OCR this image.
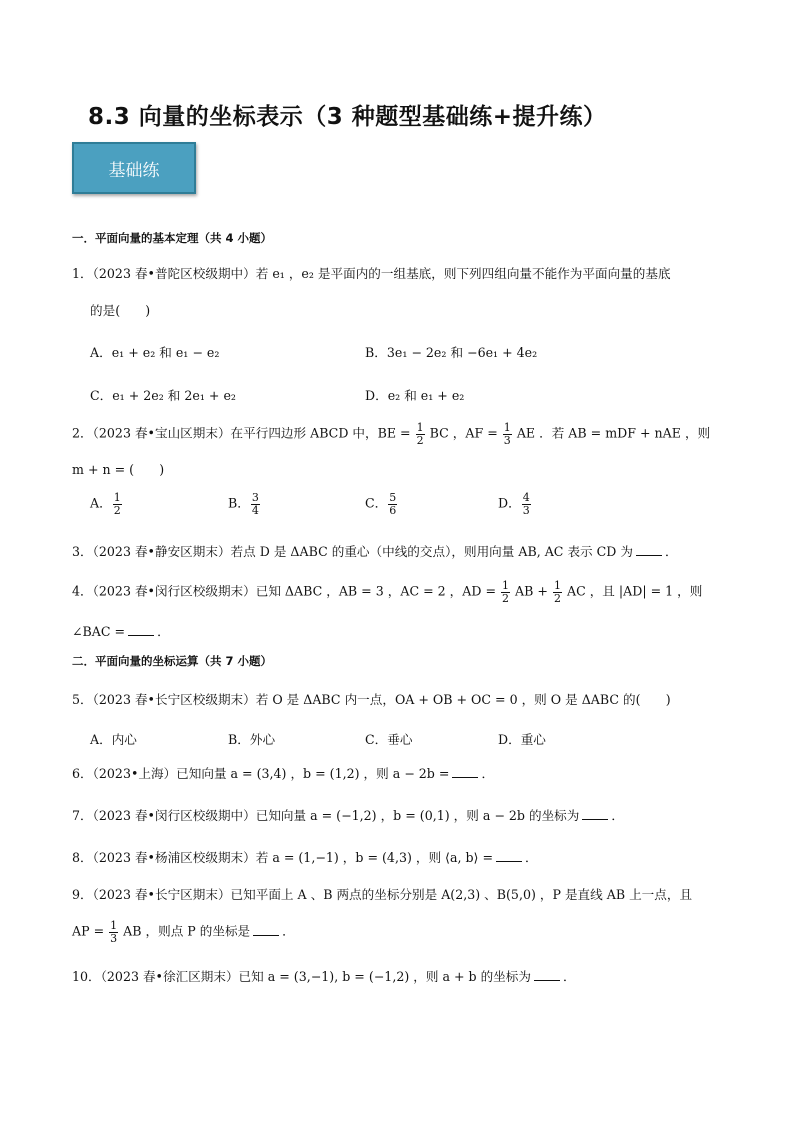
8.3 向量的坐标表示（3 种题型基础练+提升练）
基础练
一．平面向量的基本定理（共 4 小题）
1．（2023 春•普陀区校级期中）若 e₁ ，e₂ 是平面内的一组基底，则下列四组向量不能作为平面向量的基底
的是(　　)
A．e₁ + e₂ 和 e₁ − e₂	B．3e₁ − 2e₂ 和 −6e₁ + 4e₂
C．e₁ + 2e₂ 和 2e₁ + e₂	D．e₂ 和 e₁ + e₂
2．（2023 春•宝山区期末）在平行四边形 ABCD 中，BE = $\frac{1}{2}$ BC ，AF = $\frac{1}{3}$ AE ．若 AB = mDF + nAE ，则
m + n = (　　)
A． $\frac{1}{2}$	B． $\frac{3}{4}$	C． $\frac{5}{6}$	D． $\frac{4}{3}$
3．（2023 春•静安区期末）若点 D 是 ΔABC 的重心（中线的交点），则用向量 AB, AC 表示 CD 为	．
4．（2023 春•闵行区校级期末）已知 ΔABC ，AB = 3 ，AC = 2 ，AD = $\frac{1}{2}$ AB + $\frac{1}{2}$ AC ，且 |AD| = 1 ，则
∠BAC =	．
二．平面向量的坐标运算（共 7 小题）
5．（2023 春•长宁区校级期末）若 O 是 ΔABC 内一点，OA + OB + OC = 0 ，则 O 是 ΔABC 的(　　)
A．内心	B．外心	C．垂心	D．重心
6．（2023•上海）已知向量 a = (3,4) ，b = (1,2) ，则 a − 2b =	．
7．（2023 春•闵行区校级期中）已知向量 a = (−1,2) ，b = (0,1) ，则 a − 2b 的坐标为	．
8．（2023 春•杨浦区校级期末）若 a = (1,−1) ，b = (4,3) ，则 ⟨a, b⟩ =	．
9．（2023 春•长宁区期末）已知平面上 A 、B 两点的坐标分别是 A(2,3) 、B(5,0) ，P 是直线 AB 上一点，且
AP = $\frac{1}{3}$ AB ，则点 P 的坐标是	．
10．（2023 春•徐汇区期末）已知 a = (3,−1), b = (−1,2) ，则 a + b 的坐标为	．
